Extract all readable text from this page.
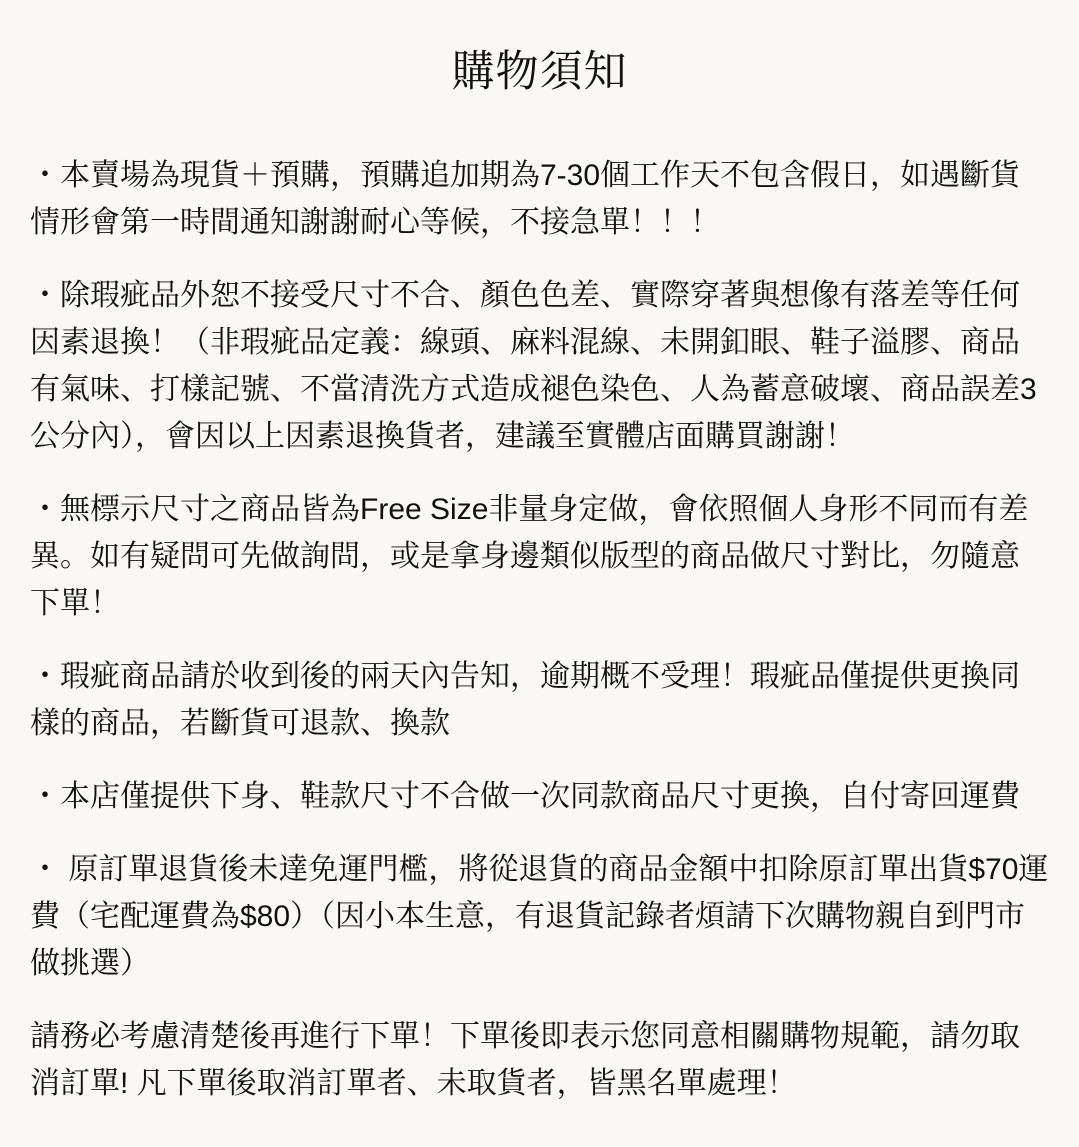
購物須知

・本賣場為現貨＋預購，預購追加期為7-30個工作天不包含假日，如遇斷貨情形會第一時間通知謝謝耐心等候，不接急單！！！

・除瑕疵品外恕不接受尺寸不合、顏色色差、實際穿著與想像有落差等任何因素退換！（非瑕疵品定義：線頭、麻料混線、未開釦眼、鞋子溢膠、商品有氣味、打樣記號、不當清洗方式造成褪色染色、人為蓄意破壞、商品誤差3公分內），會因以上因素退換貨者，建議至實體店面購買謝謝！

・無標示尺寸之商品皆為Free Size非量身定做，會依照個人身形不同而有差異。如有疑問可先做詢問，或是拿身邊類似版型的商品做尺寸對比，勿隨意下單！

・瑕疵商品請於收到後的兩天內告知，逾期概不受理！瑕疵品僅提供更換同樣的商品，若斷貨可退款、換款

・本店僅提供下身、鞋款尺寸不合做一次同款商品尺寸更換，自付寄回運費

・ 原訂單退貨後未達免運門檻，將從退貨的商品金額中扣除原訂單出貨$70運費（宅配運費為$80）（因小本生意，有退貨記錄者煩請下次購物親自到門市做挑選）

請務必考慮清楚後再進行下單！下單後即表示您同意相關購物規範，請勿取消訂單! 凡下單後取消訂單者、未取貨者，皆黑名單處理！
